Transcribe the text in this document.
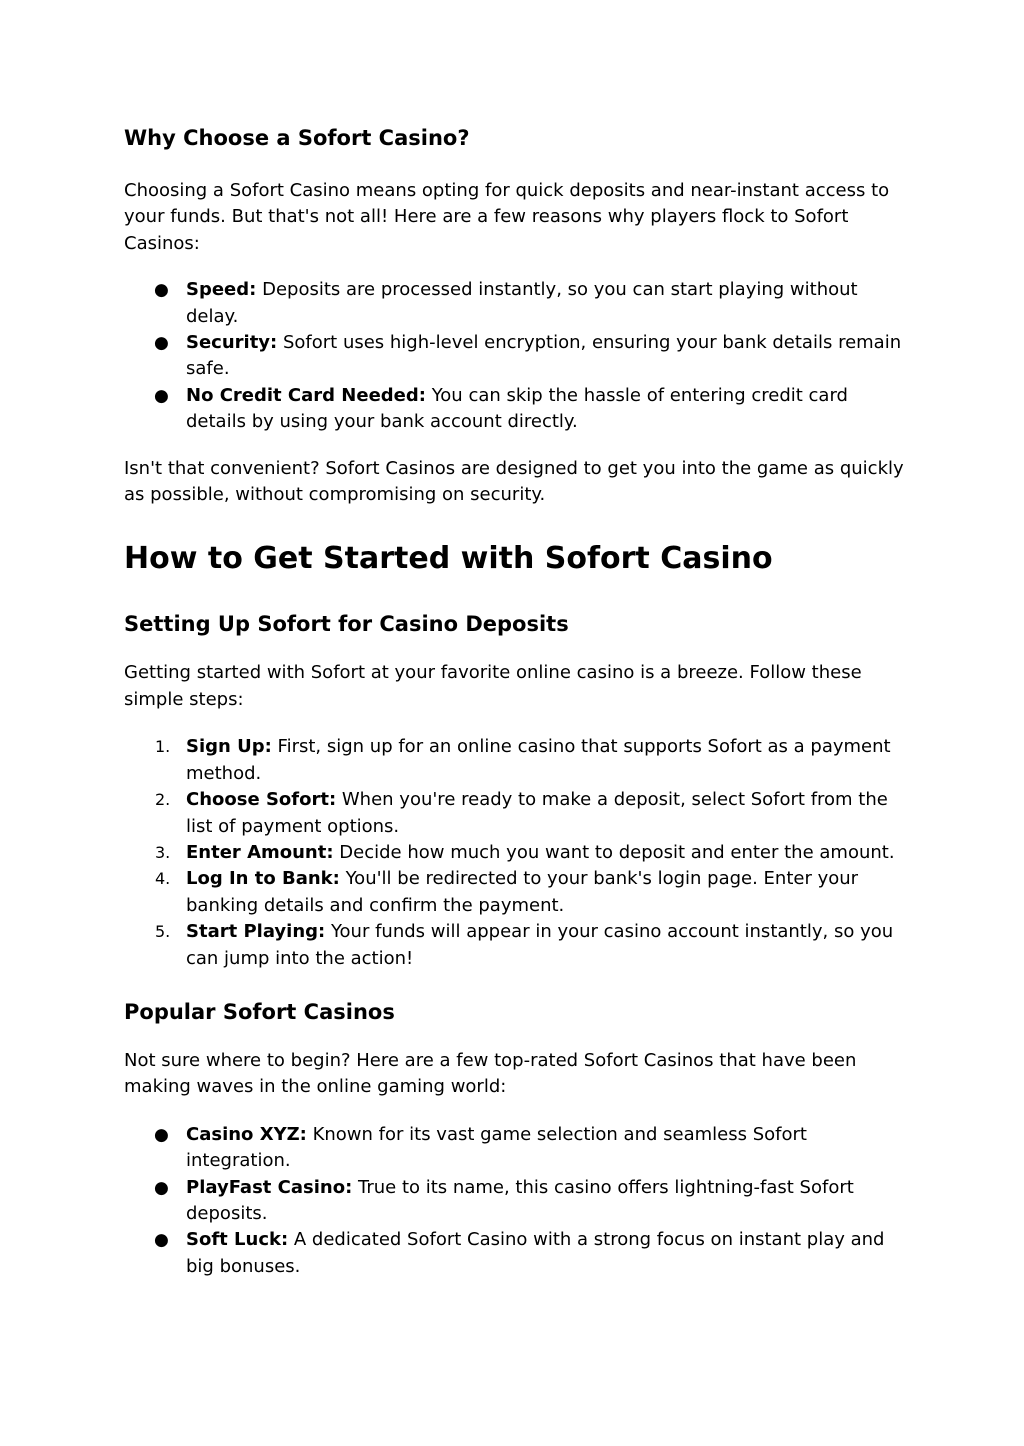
Why Choose a Sofort Casino?

Choosing a Sofort Casino means opting for quick deposits and near-instant access to your funds. But that's not all! Here are a few reasons why players flock to Sofort Casinos:

● Speed: Deposits are processed instantly, so you can start playing without delay.
● Security: Sofort uses high-level encryption, ensuring your bank details remain safe.
● No Credit Card Needed: You can skip the hassle of entering credit card details by using your bank account directly.

Isn't that convenient? Sofort Casinos are designed to get you into the game as quickly as possible, without compromising on security.

How to Get Started with Sofort Casino
Setting Up Sofort for Casino Deposits

Getting started with Sofort at your favorite online casino is a breeze. Follow these simple steps:

1. Sign Up: First, sign up for an online casino that supports Sofort as a payment method.
2. Choose Sofort: When you're ready to make a deposit, select Sofort from the list of payment options.
3. Enter Amount: Decide how much you want to deposit and enter the amount.
4. Log In to Bank: You'll be redirected to your bank's login page. Enter your banking details and confirm the payment.
5. Start Playing: Your funds will appear in your casino account instantly, so you can jump into the action!
Popular Sofort Casinos

Not sure where to begin? Here are a few top-rated Sofort Casinos that have been making waves in the online gaming world:

● Casino XYZ: Known for its vast game selection and seamless Sofort integration.
● PlayFast Casino: True to its name, this casino offers lightning-fast Sofort deposits.
● Soft Luck: A dedicated Sofort Casino with a strong focus on instant play and big bonuses.
